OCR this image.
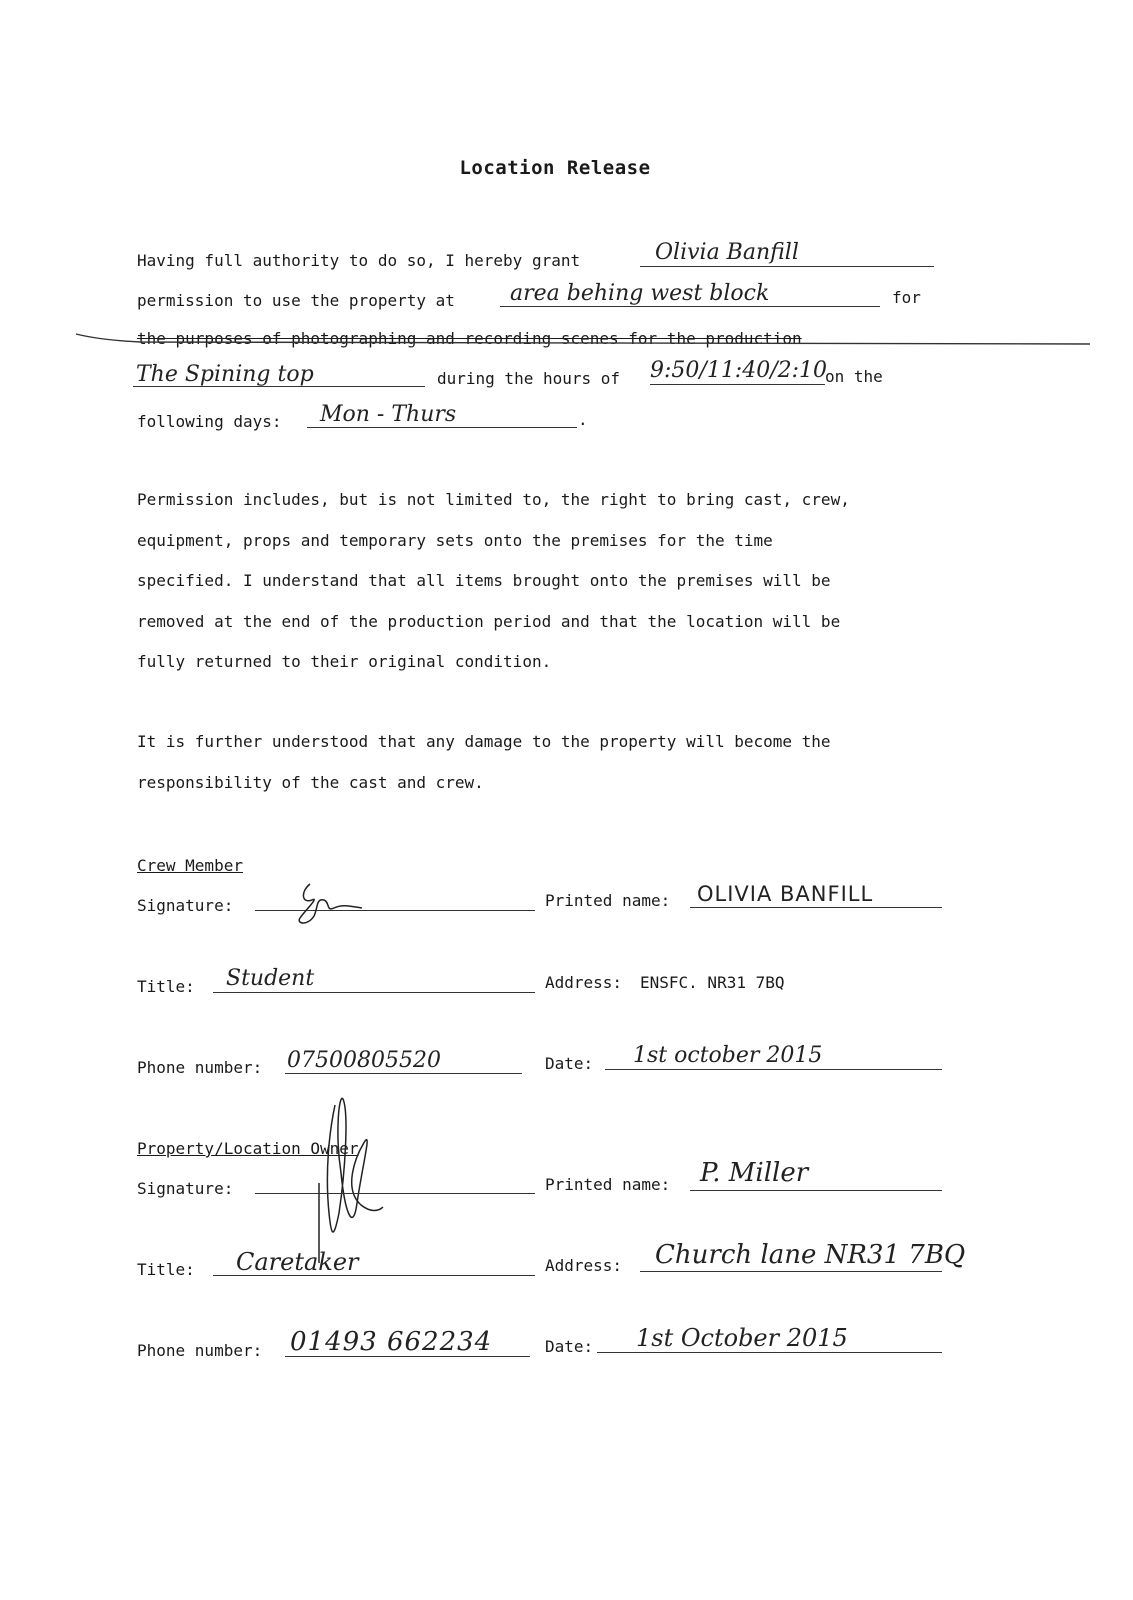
Location Release
Having full authority to do so, I hereby grant	Olivia Banfill
permission to use the property at	area behing west block	for
the purposes of photographing and recording scenes for the production
The Spining top	during the hours of 9:50/11:40/2:10
on the
following days: Mon - Thurs	.
Permission includes, but is not limited to, the right to bring cast, crew,
equipment, props and temporary sets onto the premises for the time
specified. I understand that all items brought onto the premises will be
removed at the end of the production period and that the location will be
fully returned to their original condition.
It is further understood that any damage to the property will become the
responsibility of the cast and crew.
Crew Member
Signature:	Printed name: OLIVIA BANFILL
Title: Student	Address: ENSFC. NR31 7BQ
Phone number: 07500805520	Date: 1st october 2015
Property/Location Owner
Signature:	Printed name: P. Miller
Title: Caretaker	Address: Church lane NR31 7BQ
Phone number: 01493 662234	Date: 1st October 2015
